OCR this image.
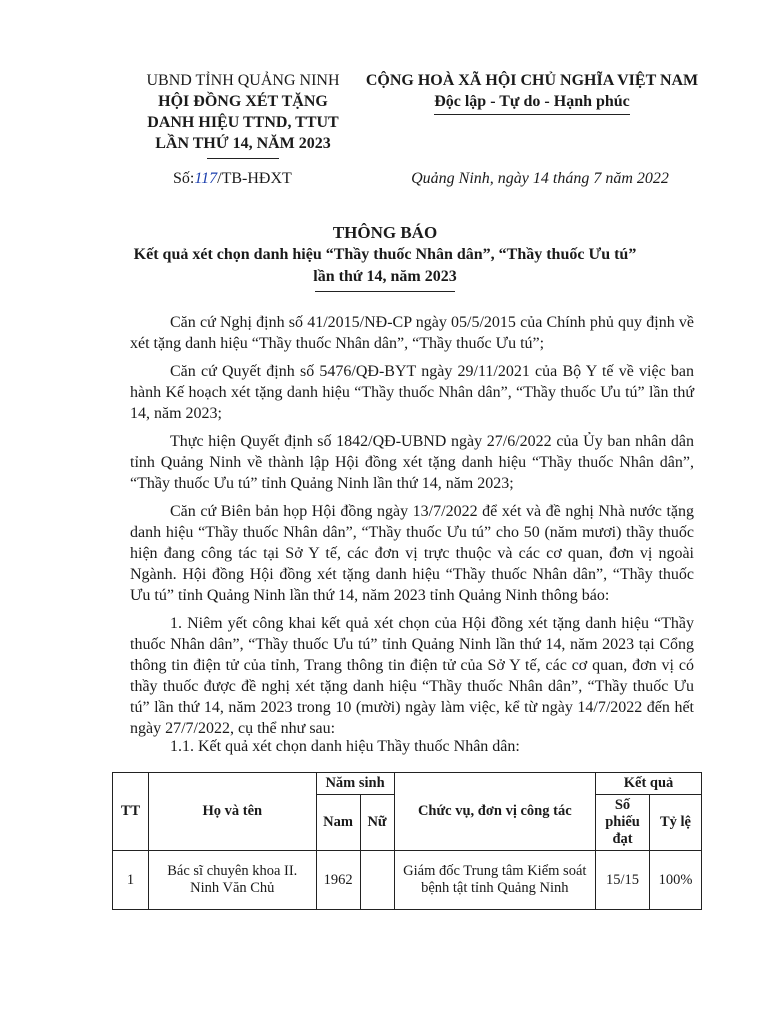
UBND TỈNH QUẢNG NINH
HỘI ĐỒNG XÉT TẶNG
DANH HIỆU TTND, TTUT
LẦN THỨ 14, NĂM 2023
CỘNG HOÀ XÃ HỘI CHỦ NGHĨA VIỆT NAM
Độc lập - Tự do - Hạnh phúc
Số:117/TB-HĐXT	Quảng Ninh, ngày 14 tháng 7 năm 2022
THÔNG BÁO
Kết quả xét chọn danh hiệu “Thầy thuốc Nhân dân”, “Thầy thuốc Ưu tú”
lần thứ 14, năm 2023

Căn cứ Nghị định số 41/2015/NĐ-CP ngày 05/5/2015 của Chính phủ quy định về xét tặng danh hiệu “Thầy thuốc Nhân dân”, “Thầy thuốc Ưu tú”;

Căn cứ Quyết định số 5476/QĐ-BYT ngày 29/11/2021 của Bộ Y tế về việc ban hành Kế hoạch xét tặng danh hiệu “Thầy thuốc Nhân dân”, “Thầy thuốc Ưu tú” lần thứ 14, năm 2023;

Thực hiện Quyết định số 1842/QĐ-UBND ngày 27/6/2022 của Ủy ban nhân dân tỉnh Quảng Ninh về thành lập Hội đồng xét tặng danh hiệu “Thầy thuốc Nhân dân”, “Thầy thuốc Ưu tú” tỉnh Quảng Ninh lần thứ 14, năm 2023;

Căn cứ Biên bản họp Hội đồng ngày 13/7/2022 để xét và đề nghị Nhà nước tặng danh hiệu “Thầy thuốc Nhân dân”, “Thầy thuốc Ưu tú” cho 50 (năm mươi) thầy thuốc hiện đang công tác tại Sở Y tế, các đơn vị trực thuộc và các cơ quan, đơn vị ngoài Ngành. Hội đồng Hội đồng xét tặng danh hiệu “Thầy thuốc Nhân dân”, “Thầy thuốc Ưu tú” tỉnh Quảng Ninh lần thứ 14, năm 2023 tỉnh Quảng Ninh thông báo:

1. Niêm yết công khai kết quả xét chọn của Hội đồng xét tặng danh hiệu “Thầy thuốc Nhân dân”, “Thầy thuốc Ưu tú” tỉnh Quảng Ninh lần thứ 14, năm 2023 tại Cổng thông tin điện tử của tỉnh, Trang thông tin điện tử của Sở Y tế, các cơ quan, đơn vị có thầy thuốc được đề nghị xét tặng danh hiệu “Thầy thuốc Nhân dân”, “Thầy thuốc Ưu tú” lần thứ 14, năm 2023 trong 10 (mười) ngày làm việc, kể từ ngày 14/7/2022 đến hết ngày 27/7/2022, cụ thể như sau:

1.1. Kết quả xét chọn danh hiệu Thầy thuốc Nhân dân:
TT	Họ và tên	Năm sinh		Chức vụ, đơn vị công tác	Kết quả	
		Nam	Nữ		Số phiếu đạt	Tỷ lệ
1	Bác sĩ chuyên khoa II. Ninh Văn Chủ	1962		Giám đốc Trung tâm Kiểm soát bệnh tật tỉnh Quảng Ninh	15/15	100%
